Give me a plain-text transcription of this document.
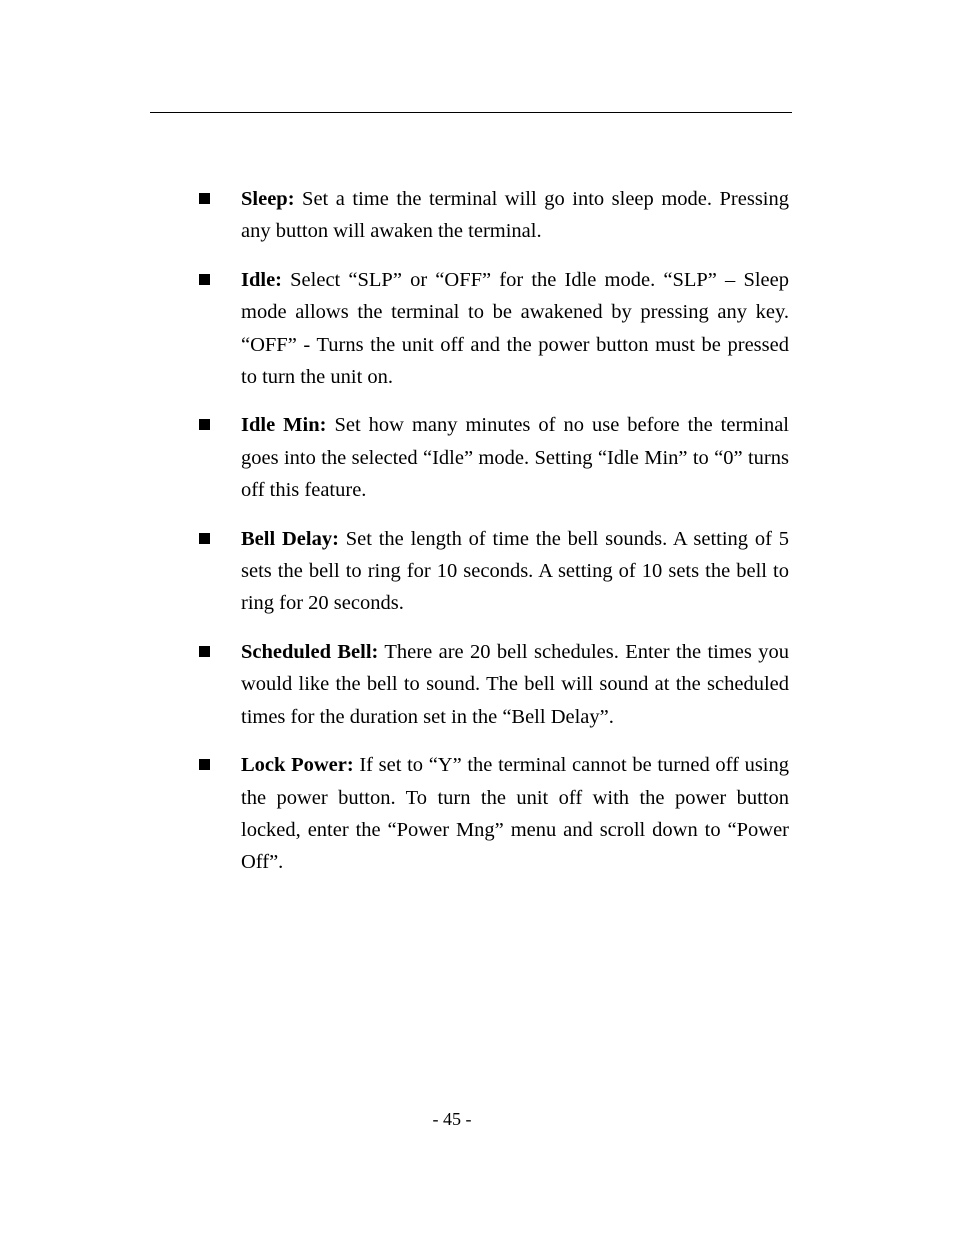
Sleep: Set a time the terminal will go into sleep mode. Pressing any button will awaken the terminal.
Idle: Select “SLP” or “OFF” for the Idle mode. “SLP” – Sleep mode allows the terminal to be awakened by pressing any key. “OFF” - Turns the unit off and the power button must be pressed to turn the unit on.
Idle Min: Set how many minutes of no use before the terminal goes into the selected “Idle” mode. Setting “Idle Min” to “0” turns off this feature.
Bell Delay: Set the length of time the bell sounds. A setting of 5 sets the bell to ring for 10 seconds. A setting of 10 sets the bell to ring for 20 seconds.
Scheduled Bell: There are 20 bell schedules. Enter the times you would like the bell to sound. The bell will sound at the scheduled times for the duration set in the “Bell Delay”.
Lock Power: If set to “Y” the terminal cannot be turned off using the power button. To turn the unit off with the power button locked, enter the “Power Mng” menu and scroll down to “Power Off”.
- 45 -
